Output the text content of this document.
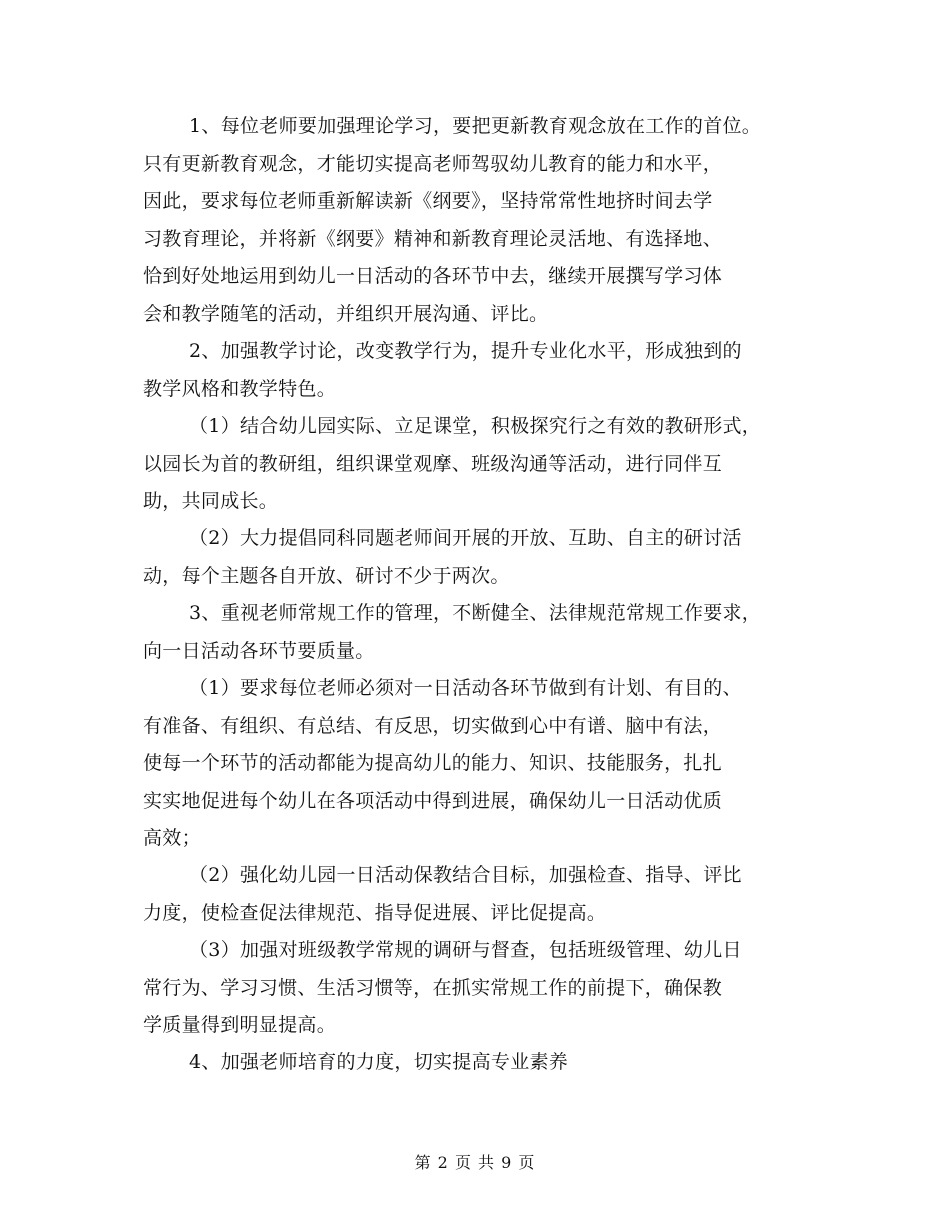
1、每位老师要加强理论学习，要把更新教育观念放在工作的首位。
只有更新教育观念，才能切实提高老师驾驭幼儿教育的能力和水平，
因此，要求每位老师重新解读新《纲要》，坚持常常性地挤时间去学
习教育理论，并将新《纲要》精神和新教育理论灵活地、有选择地、
恰到好处地运用到幼儿一日活动的各环节中去，继续开展撰写学习体
会和教学随笔的活动，并组织开展沟通、评比。
2、加强教学讨论，改变教学行为，提升专业化水平，形成独到的
教学风格和教学特色。
（1）结合幼儿园实际、立足课堂，积极探究行之有效的教研形式，
以园长为首的教研组，组织课堂观摩、班级沟通等活动，进行同伴互
助，共同成长。
（2）大力提倡同科同题老师间开展的开放、互助、自主的研讨活
动，每个主题各自开放、研讨不少于两次。
3、重视老师常规工作的管理，不断健全、法律规范常规工作要求，
向一日活动各环节要质量。
（1）要求每位老师必须对一日活动各环节做到有计划、有目的、
有准备、有组织、有总结、有反思，切实做到心中有谱、脑中有法，
使每一个环节的活动都能为提高幼儿的能力、知识、技能服务，扎扎
实实地促进每个幼儿在各项活动中得到进展，确保幼儿一日活动优质
高效；
（2）强化幼儿园一日活动保教结合目标，加强检查、指导、评比
力度，使检查促法律规范、指导促进展、评比促提高。
（3）加强对班级教学常规的调研与督查，包括班级管理、幼儿日
常行为、学习习惯、生活习惯等，在抓实常规工作的前提下，确保教
学质量得到明显提高。
4、加强老师培育的力度，切实提高专业素养
第 2 页 共 9 页
